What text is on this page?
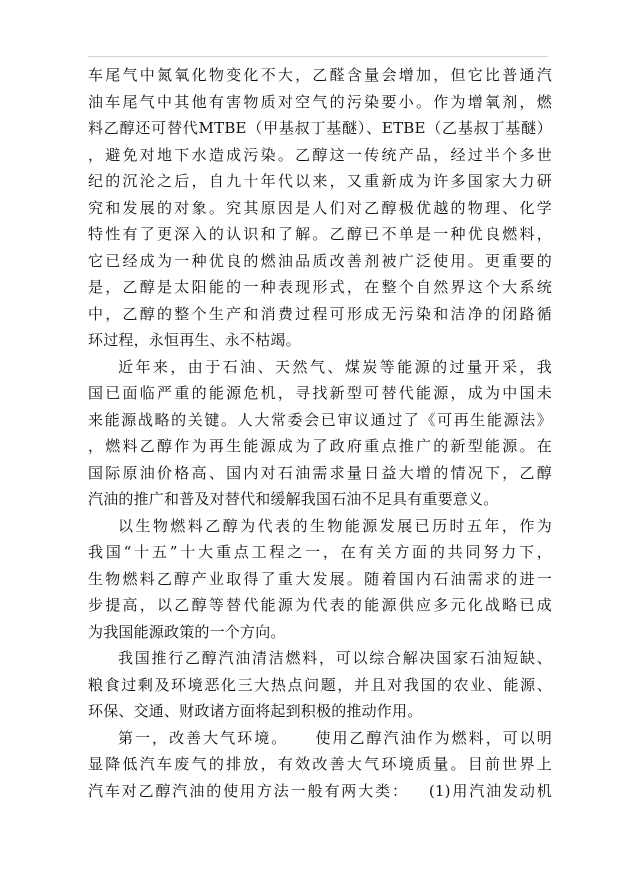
车尾气中氮氧化物变化不大，乙醛含量会增加，但它比普通汽
油车尾气中其他有害物质对空气的污染要小。作为增氧剂，燃
料乙醇还可替代MTBE（甲基叔丁基醚）、ETBE（乙基叔丁基醚）
，避免对地下水造成污染。乙醇这一传统产品，经过半个多世
纪的沉沦之后，自九十年代以来，又重新成为许多国家大力研
究和发展的对象。究其原因是人们对乙醇极优越的物理、化学
特性有了更深入的认识和了解。乙醇已不单是一种优良燃料，
它已经成为一种优良的燃油品质改善剂被广泛使用。更重要的
是，乙醇是太阳能的一种表现形式，在整个自然界这个大系统
中，乙醇的整个生产和消费过程可形成无污染和洁净的闭路循
环过程，永恒再生、永不枯竭。
近年来，由于石油、天然气、煤炭等能源的过量开采，我
国已面临严重的能源危机，寻找新型可替代能源，成为中国未
来能源战略的关键。人大常委会已审议通过了《可再生能源法》
，燃料乙醇作为再生能源成为了政府重点推广的新型能源。在
国际原油价格高、国内对石油需求量日益大增的情况下，乙醇
汽油的推广和普及对替代和缓解我国石油不足具有重要意义。
以生物燃料乙醇为代表的生物能源发展已历时五年，作为
我国“十五”十大重点工程之一，在有关方面的共同努力下，
生物燃料乙醇产业取得了重大发展。随着国内石油需求的进一
步提高，以乙醇等替代能源为代表的能源供应多元化战略已成
为我国能源政策的一个方向。
我国推行乙醇汽油清洁燃料，可以综合解决国家石油短缺、
粮食过剩及环境恶化三大热点问题，并且对我国的农业、能源、
环保、交通、财政诸方面将起到积极的推动作用。
第一，改善大气环境。    使用乙醇汽油作为燃料，可以明
显降低汽车废气的排放，有效改善大气环境质量。目前世界上
汽车对乙醇汽油的使用方法一般有两大类：   (1)用汽油发动机
